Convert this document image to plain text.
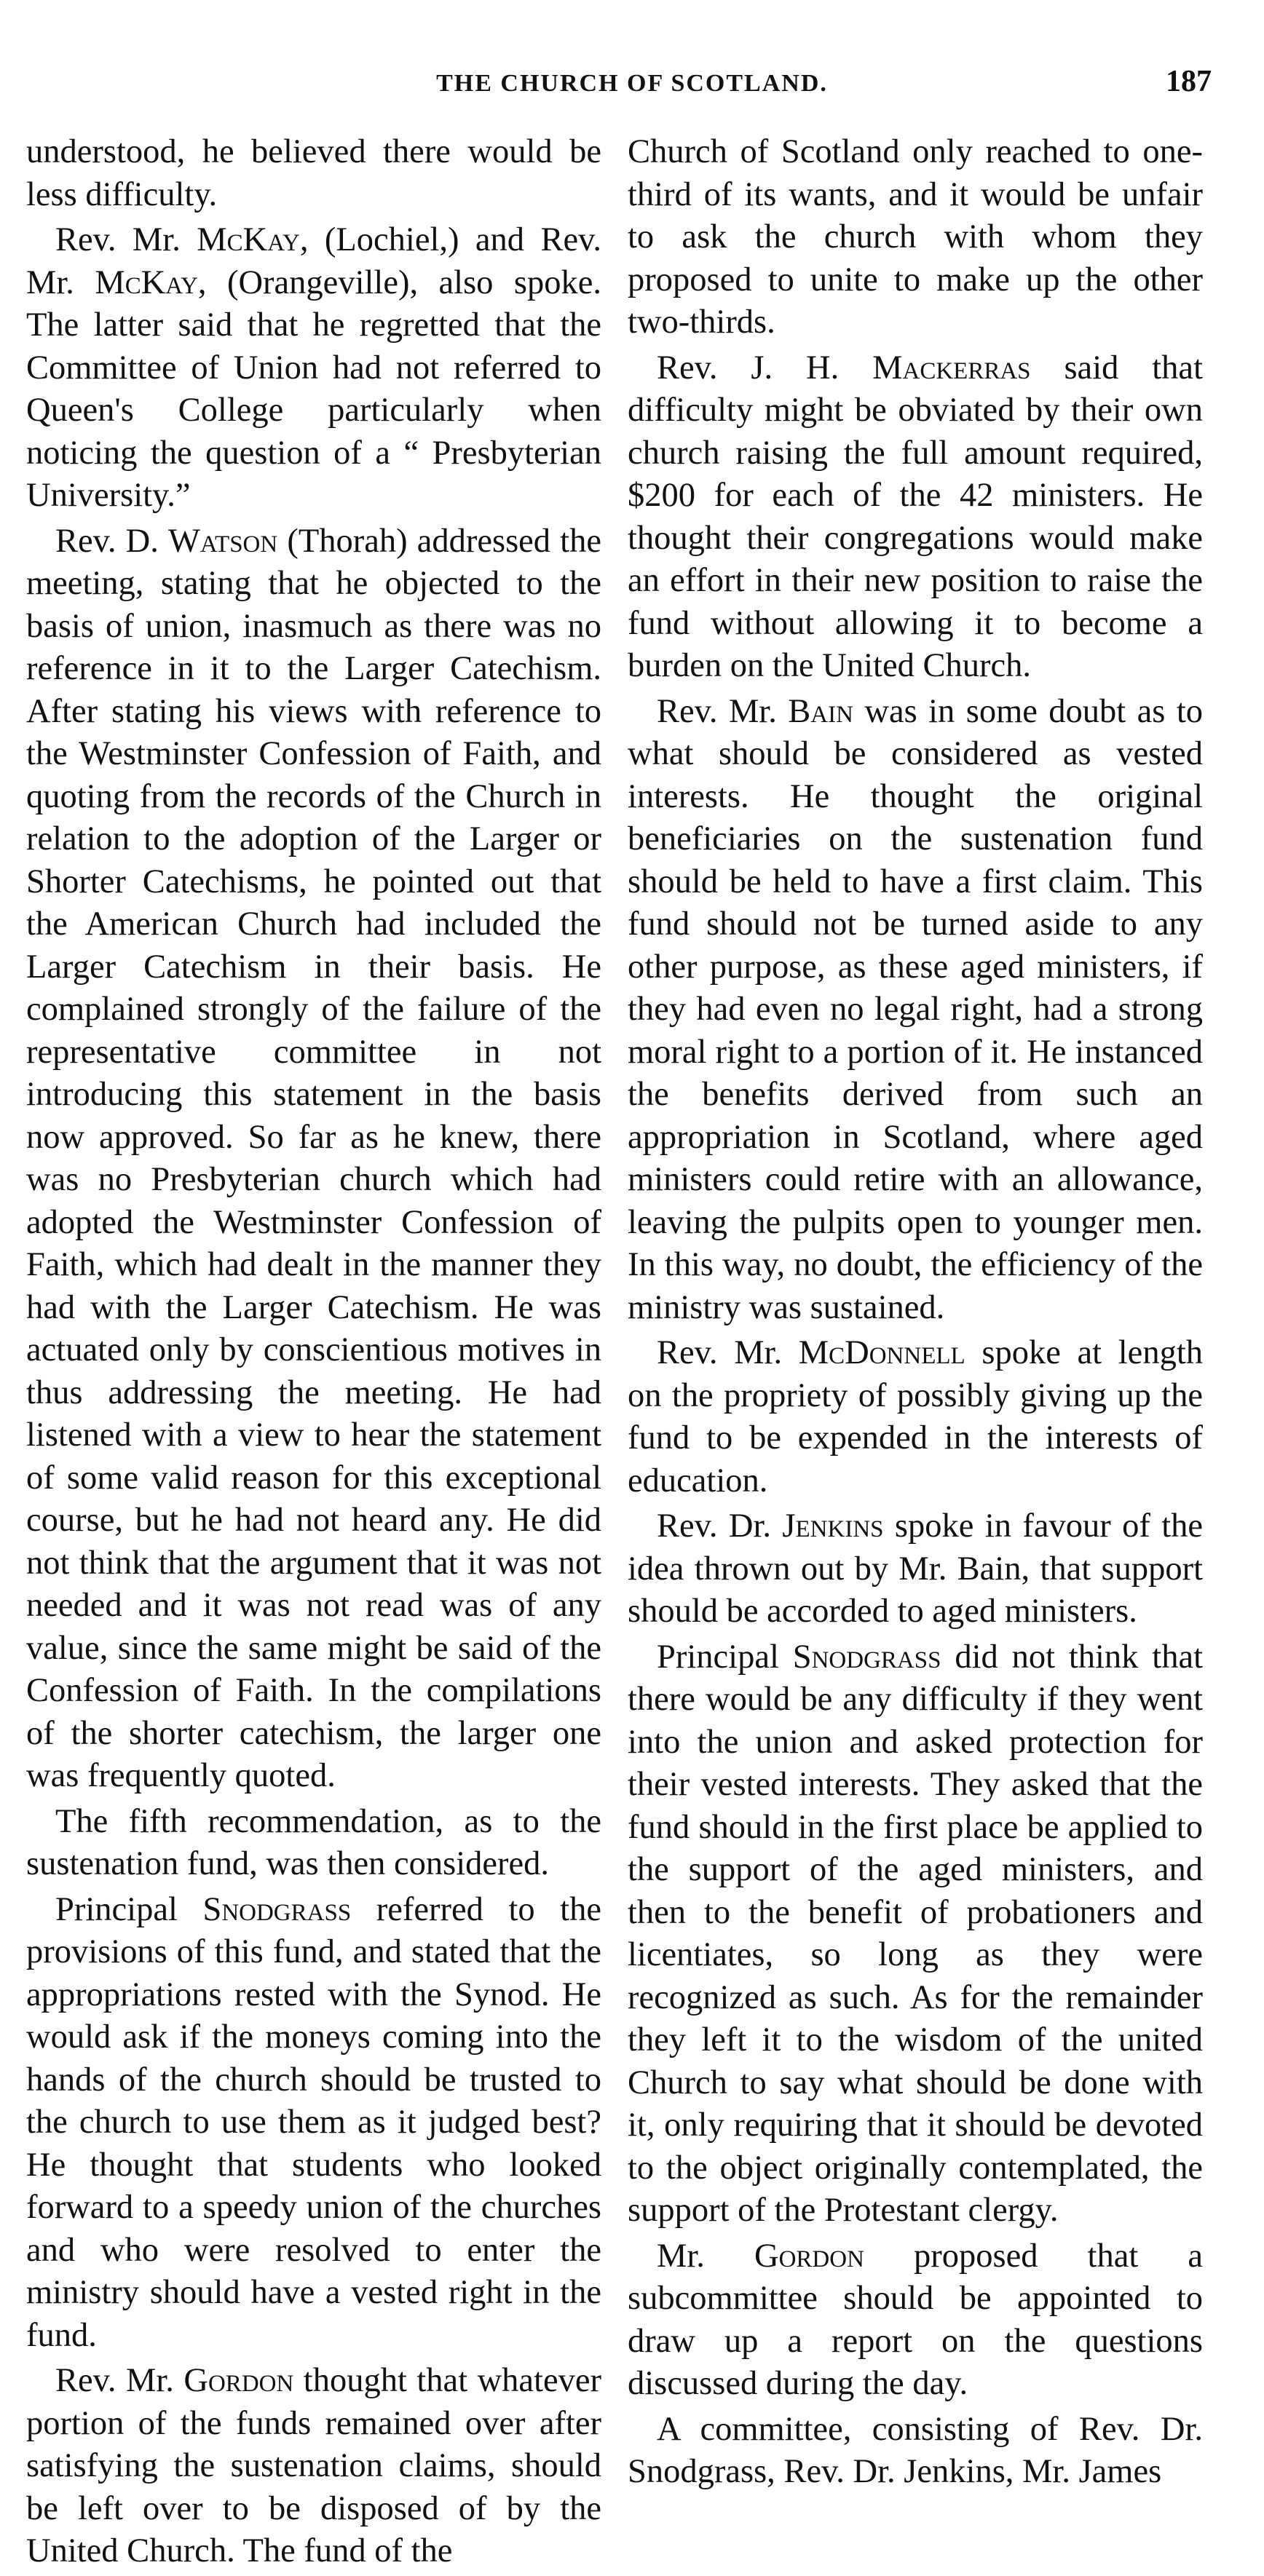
THE CHURCH OF SCOTLAND.	187

understood, he believed there would be less difficulty.

Rev. Mr. McKay, (Lochiel,) and Rev. Mr. McKay, (Orangeville), also spoke. The latter said that he regretted that the Committee of Union had not referred to Queen's College particularly when noticing the question of a “ Presbyterian University.”

Rev. D. Watson (Thorah) addressed the meeting, stating that he objected to the basis of union, inasmuch as there was no reference in it to the Larger Catechism. After stating his views with reference to the Westminster Confession of Faith, and quoting from the records of the Church in relation to the adoption of the Larger or Shorter Catechisms, he pointed out that the American Church had included the Larger Catechism in their basis. He complained strongly of the failure of the representative committee in not introducing this statement in the basis now approved. So far as he knew, there was no Presbyterian church which had adopted the Westminster Confession of Faith, which had dealt in the manner they had with the Larger Catechism. He was actuated only by conscientious motives in thus addressing the meeting. He had listened with a view to hear the statement of some valid reason for this exceptional course, but he had not heard any. He did not think that the argument that it was not needed and it was not read was of any value, since the same might be said of the Confession of Faith. In the compilations of the shorter catechism, the larger one was frequently quoted.

The fifth recommendation, as to the sustenation fund, was then considered.

Principal Snodgrass referred to the provisions of this fund, and stated that the appropriations rested with the Synod. He would ask if the moneys coming into the hands of the church should be trusted to the church to use them as it judged best? He thought that students who looked forward to a speedy union of the churches and who were resolved to enter the ministry should have a vested right in the fund.

Rev. Mr. Gordon thought that whatever portion of the funds remained over after satisfying the sustenation claims, should be left over to be disposed of by the United Church. The fund of the

Church of Scotland only reached to one-third of its wants, and it would be unfair to ask the church with whom they proposed to unite to make up the other two-thirds.

Rev. J. H. Mackerras said that difficulty might be obviated by their own church raising the full amount required, $200 for each of the 42 ministers. He thought their congregations would make an effort in their new position to raise the fund without allowing it to become a burden on the United Church.

Rev. Mr. Bain was in some doubt as to what should be considered as vested interests. He thought the original beneficiaries on the sustenation fund should be held to have a first claim. This fund should not be turned aside to any other purpose, as these aged ministers, if they had even no legal right, had a strong moral right to a portion of it. He instanced the benefits derived from such an appropriation in Scotland, where aged ministers could retire with an allowance, leaving the pulpits open to younger men. In this way, no doubt, the efficiency of the ministry was sustained.

Rev. Mr. McDonnell spoke at length on the propriety of possibly giving up the fund to be expended in the interests of education.

Rev. Dr. Jenkins spoke in favour of the idea thrown out by Mr. Bain, that support should be accorded to aged ministers.

Principal Snodgrass did not think that there would be any difficulty if they went into the union and asked protection for their vested interests. They asked that the fund should in the first place be applied to the support of the aged ministers, and then to the benefit of probationers and licentiates, so long as they were recognized as such. As for the remainder they left it to the wisdom of the united Church to say what should be done with it, only requiring that it should be devoted to the object originally contemplated, the support of the Protestant clergy.

Mr. Gordon proposed that a subcommittee should be appointed to draw up a report on the questions discussed during the day.

A committee, consisting of Rev. Dr. Snodgrass, Rev. Dr. Jenkins, Mr. James
